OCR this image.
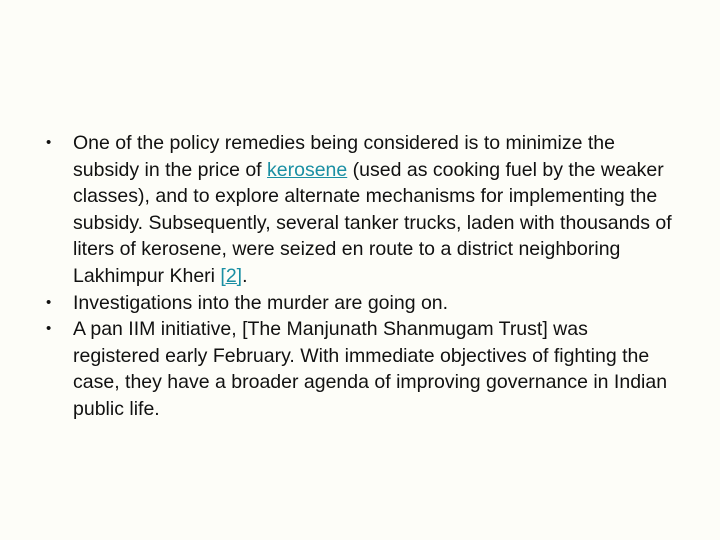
•	One of the policy remedies being considered is to minimize the subsidy in the price of kerosene (used as cooking fuel by the weaker classes), and to explore alternate mechanisms for implementing the subsidy. Subsequently, several tanker trucks, laden with thousands of liters of kerosene, were seized en route to a district neighboring Lakhimpur Kheri [2].
•	Investigations into the murder are going on.
•	A pan IIM initiative, [The Manjunath Shanmugam Trust] was registered early February. With immediate objectives of fighting the case, they have a broader agenda of improving governance in Indian public life.
